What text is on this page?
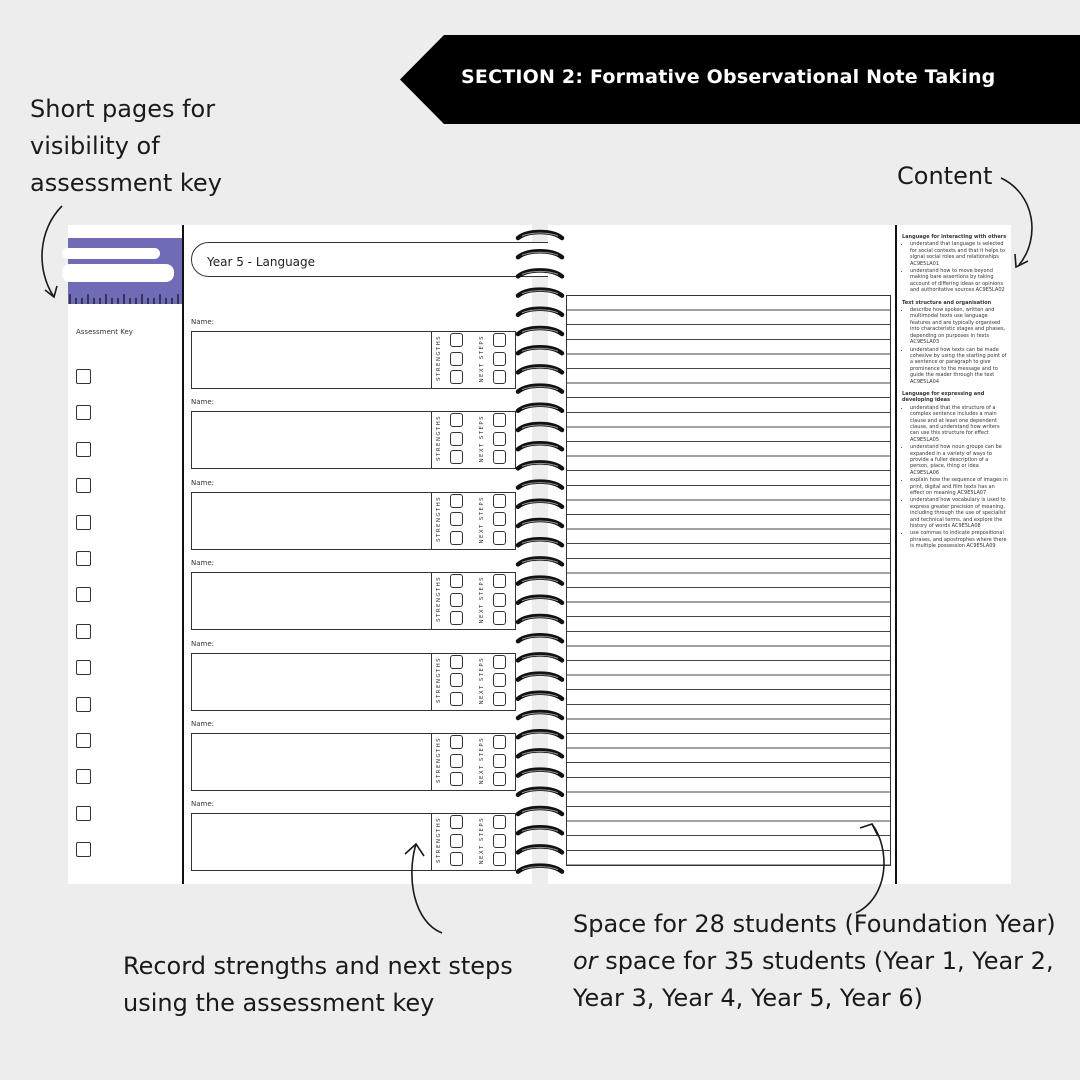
SECTION 2: Formative Observational Note Taking
Short pages for
visibility of
assessment key	Content
Assessment Key
Year 5 - Language
Name:
STRENGTHS	NEXT STEPS
Name:
STRENGTHS	NEXT STEPS
Name:
STRENGTHS	NEXT STEPS
Name:
STRENGTHS	NEXT STEPS
Name:
STRENGTHS	NEXT STEPS
Name:
STRENGTHS	NEXT STEPS
Name:
STRENGTHS	NEXT STEPS
Language for interacting with others
• understand that language is selected for social contexts and that it helps to signal social roles and relationships AC9E5LA01
• understand how to move beyond making bare assertions by taking account of differing ideas or opinions and authoritative sources AC9E5LA02
Text structure and organisation
• describe how spoken, written and multimodal texts use language features and are typically organised into characteristic stages and phases, depending on purposes in texts AC9E5LA03
• understand how texts can be made cohesive by using the starting point of a sentence or paragraph to give prominence to the message and to guide the reader through the text AC9E5LA04
Language for expressing and developing ideas
• understand that the structure of a complex sentence includes a main clause and at least one dependent clause, and understand how writers can use this structure for effect AC9E5LA05
• understand how noun groups can be expanded in a variety of ways to provide a fuller description of a person, place, thing or idea AC9E5LA06
• explain how the sequence of images in print, digital and film texts has an effect on meaning AC9E5LA07
• understand how vocabulary is used to express greater precision of meaning, including through the use of specialist and technical terms, and explore the history of words AC9E5LA08
• use commas to indicate prepositional phrases, and apostrophes where there is multiple possession AC9E5LA09
Record strengths and next steps
using the assessment key
Space for 28 students (Foundation Year)
or space for 35 students (Year 1, Year 2,
Year 3, Year 4, Year 5, Year 6)
